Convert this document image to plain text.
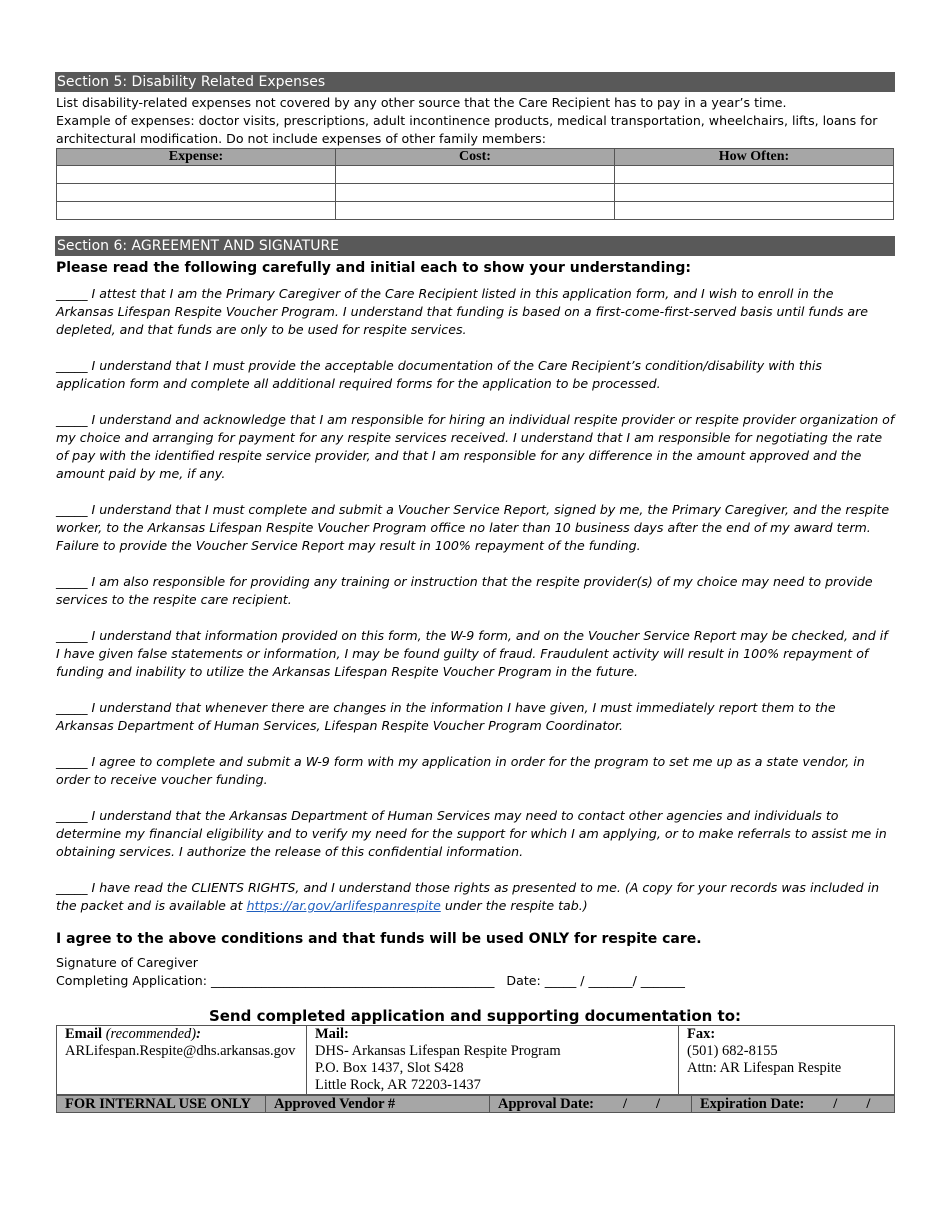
Section 5: Disability Related Expenses
List disability-related expenses not covered by any other source that the Care Recipient has to pay in a year’s time.
Example of expenses: doctor visits, prescriptions, adult incontinence products, medical transportation, wheelchairs, lifts, loans for architectural modification. Do not include expenses of other family members:
Expense:	Cost:	How Often:

Section 6: AGREEMENT AND SIGNATURE
Please read the following carefully and initial each to show your understanding:
_____ I attest that I am the Primary Caregiver of the Care Recipient listed in this application form, and I wish to enroll in the Arkansas Lifespan Respite Voucher Program. I understand that funding is based on a first-come-first-served basis until funds are depleted, and that funds are only to be used for respite services.
_____ I understand that I must provide the acceptable documentation of the Care Recipient’s condition/disability with this application form and complete all additional required forms for the application to be processed.
_____ I understand and acknowledge that I am responsible for hiring an individual respite provider or respite provider organization of my choice and arranging for payment for any respite services received. I understand that I am responsible for negotiating the rate of pay with the identified respite service provider, and that I am responsible for any difference in the amount approved and the amount paid by me, if any.
_____ I understand that I must complete and submit a Voucher Service Report, signed by me, the Primary Caregiver, and the respite worker, to the Arkansas Lifespan Respite Voucher Program office no later than 10 business days after the end of my award term. Failure to provide the Voucher Service Report may result in 100% repayment of the funding.
_____ I am also responsible for providing any training or instruction that the respite provider(s) of my choice may need to provide services to the respite care recipient.
_____ I understand that information provided on this form, the W-9 form, and on the Voucher Service Report may be checked, and if I have given false statements or information, I may be found guilty of fraud. Fraudulent activity will result in 100% repayment of funding and inability to utilize the Arkansas Lifespan Respite Voucher Program in the future.
_____ I understand that whenever there are changes in the information I have given, I must immediately report them to the Arkansas Department of Human Services, Lifespan Respite Voucher Program Coordinator.
_____ I agree to complete and submit a W-9 form with my application in order for the program to set me up as a state vendor, in order to receive voucher funding.
_____ I understand that the Arkansas Department of Human Services may need to contact other agencies and individuals to determine my financial eligibility and to verify my need for the support for which I am applying, or to make referrals to assist me in obtaining services. I authorize the release of this confidential information.
_____ I have read the CLIENTS RIGHTS, and I understand those rights as presented to me. (A copy for your records was included in the packet and is available at https://ar.gov/arlifespanrespite under the respite tab.)
I agree to the above conditions and that funds will be used ONLY for respite care.
Signature of Caregiver
Completing Application: _____________________________________________   Date: _____ / _______/ _______
Send completed application and supporting documentation to:
Email (recommended):
ARLifespan.Respite@dhs.arkansas.gov

Mail:
DHS- Arkansas Lifespan Respite Program
P.O. Box 1437, Slot S428
Little Rock, AR 72203-1437

Fax:
(501) 682-8155
Attn: AR Lifespan Respite
FOR INTERNAL USE ONLY	Approved Vendor #	Approval Date:        /        /	Expiration Date:        /        /
